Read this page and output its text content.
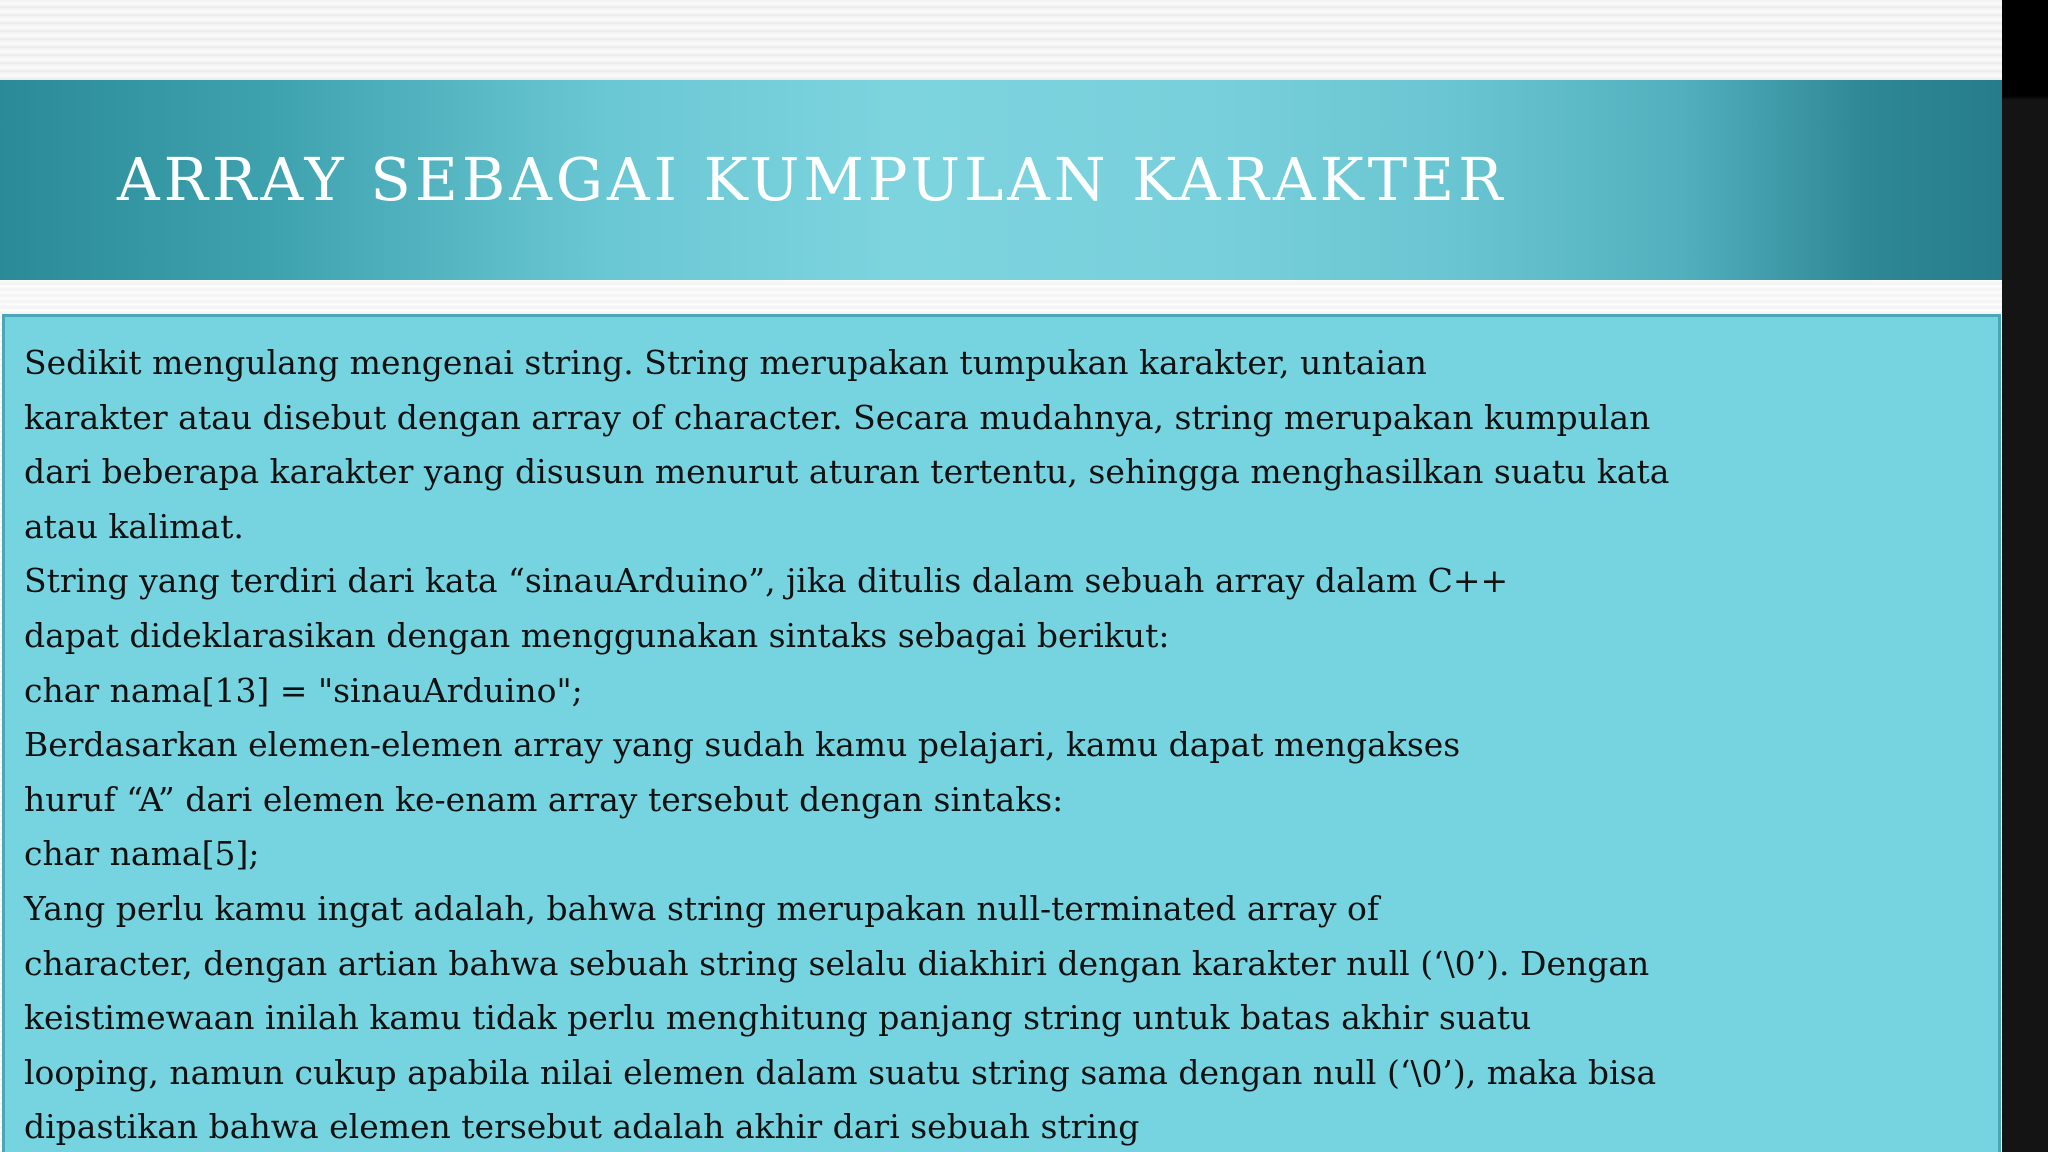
ARRAY SEBAGAI KUMPULAN KARAKTER
Sedikit mengulang mengenai string. String merupakan tumpukan karakter, untaian
karakter atau disebut dengan array of character. Secara mudahnya, string merupakan kumpulan
dari beberapa karakter yang disusun menurut aturan tertentu, sehingga menghasilkan suatu kata
atau kalimat.
String yang terdiri dari kata “sinauArduino”, jika ditulis dalam sebuah array dalam C++
dapat dideklarasikan dengan menggunakan sintaks sebagai berikut:
char nama[13] = "sinauArduino";
Berdasarkan elemen-elemen array yang sudah kamu pelajari, kamu dapat mengakses
huruf “A” dari elemen ke-enam array tersebut dengan sintaks:
char nama[5];
Yang perlu kamu ingat adalah, bahwa string merupakan null-terminated array of
character, dengan artian bahwa sebuah string selalu diakhiri dengan karakter null (‘\0’). Dengan
keistimewaan inilah kamu tidak perlu menghitung panjang string untuk batas akhir suatu
looping, namun cukup apabila nilai elemen dalam suatu string sama dengan null (‘\0’), maka bisa
dipastikan bahwa elemen tersebut adalah akhir dari sebuah string
